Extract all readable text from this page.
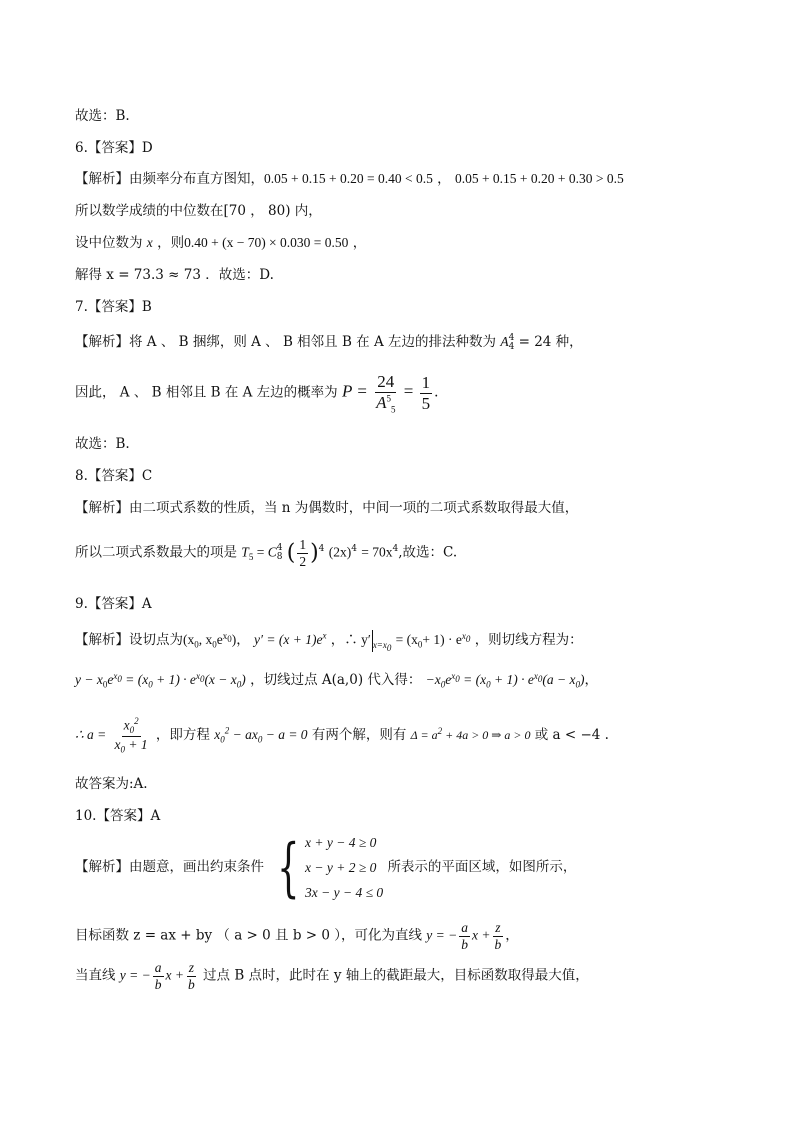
故选：B.
6.【答案】D
【解析】由频率分布直方图知，0.05 + 0.15 + 0.20 = 0.40 < 0.5 ， 0.05 + 0.15 + 0.20 + 0.30 > 0.5
所以数学成绩的中位数在[70 ， 80) 内，
设中位数为 x ，则0.40 + (x − 70) × 0.030 = 0.50 ，
解得 x = 73.3 ≈ 73 ．故选：D.
7.【答案】B
【解析】将 A 、 B 捆绑，则 A 、 B 相邻且 B 在 A 左边的排法种数为 A 4
4 = 24 种，
因此， A 、 B 相邻且 B 在 A 左边的概率为 $P = \frac{24}{A^5_5} = \frac{1}{5}$ .
故选：B.
8.【答案】C
【解析】由二项式系数的性质，当 n 为偶数时，中间一项的二项式系数取得最大值，
所以二项式系数最大的项是 $T_5 = C$ 4
8 ( $\frac{1}{2} )^4$ $(2x)^4 = 70x^4$,故选：C.
9.【答案】A
【解析】设切点为($x_0$, $x_0e^{x_0}$)， $y' = (x + 1)e^x$ ，∴ y′ $_{x=x_0} = (x_0+ 1) \cdot e^{x_0}$ ，则切线方程为：
$y - x_0e^{x_0} = (x_0 + 1) \cdot e^{x_0}(x - x_0)$ ，切线过点 A(a,0) 代入得： $-x_0e^{x_0} = (x_0 + 1) \cdot e^{x_0}(a - x_0)$，
∴ $a = \frac{x_0^2}{x_0 + 1}$ ，即方程 $x_0^2 - ax_0 - a = 0$ 有两个解，则有 $\Delta = a^2 + 4a > 0$ ⇒ a > 0 或 a < −4 .
故答案为:A.
10.【答案】A
【解析】由题意，画出约束条件 { x + y − 4 ≥ 0
x − y + 2 ≥ 0
3x − y − 4 ≤ 0
所表示的平面区域，如图所示，
目标函数 z = ax + by （ a > 0 且 b > 0 ），可化为直线 y = − $\frac{a}{b}$ $x + \frac{z}{b}$ ，
当直线 y = − $\frac{a}{b}$ $x + \frac{z}{b}$ 过点 B 点时，此时在 y 轴上的截距最大，目标函数取得最大值，
